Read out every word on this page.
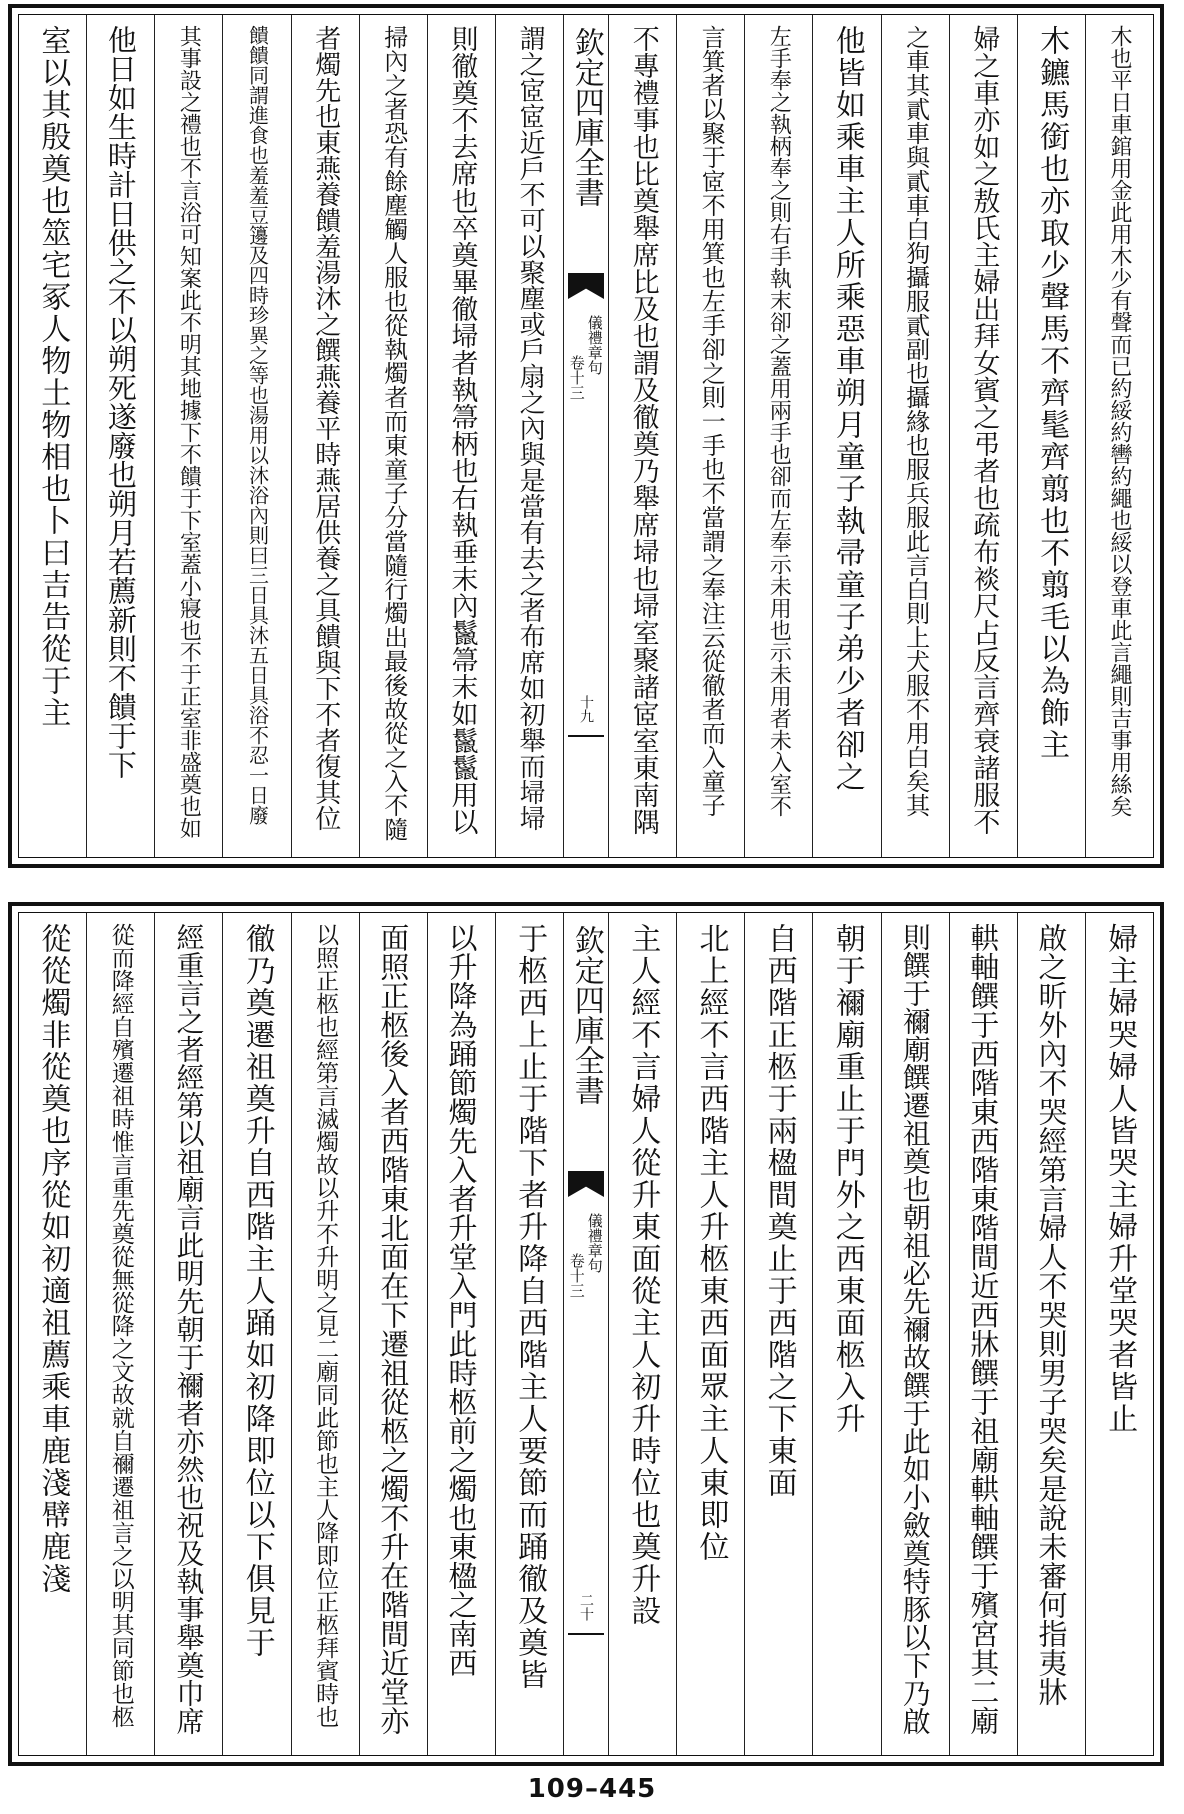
木也平日車錧用金此用木少有聲而已約綏約轡約繩也綏以登車此言繩則吉事用絲矣
木鑣馬銜也亦取少聲馬不齊髦齊翦也不翦毛以為飾主
婦之車亦如之敖氏主婦出拜女賓之弔者也疏布裧尺占反言齊衰諸服不
之車其貳車與貳車白狗攝服貳副也攝緣也服兵服此言白則上犬服不用白矣其
他皆如乘車主人所乘惡車朔月童子執帚童子弟少者卻之
左手奉之執柄奉之則右手執末卻之蓋用兩手也卻而左奉示未用也示未用者未入室不
言箕者以聚于宧不用箕也左手卻之則一手也不當謂之奉注云從徹者而入童子
不專禮事也比奠舉席比及也謂及徹奠乃舉席埽也埽室聚諸宧室東南隅
欽定四庫全書
儀禮章句
卷十三
十九
謂之宧宧近戶不可以聚塵或戶扇之內與是當有去之者布席如初舉而埽埽
則徹奠不去席也卒奠畢徹埽者執箒柄也右執垂末內鬣箒末如鬣鬣用以
掃內之者恐有餘塵觸人服也從執燭者而東童子分當隨行燭出最後故從之入不隨
者燭先也東燕養饋羞湯沐之饌燕養平時燕居供養之具饋與下不者復其位
饋饋同謂進食也羞羞豆籩及四時珍異之等也湯用以沐浴內則曰三日具沐五日具浴不忍一日廢
其事設之禮也不言浴可知案此不明其地據下不饋于下室蓋小寢也不于正室非盛奠也如
他日如生時計日供之不以朔死遂廢也朔月若薦新則不饋于下
室以其殷奠也筮宅冢人物土物相也卜曰吉告從于主
婦主婦哭婦人皆哭主婦升堂哭者皆止
啟之昕外內不哭經第言婦人不哭則男子哭矣是說未審何指夷牀
輁軸饌于西階東西階東階間近西牀饌于祖廟輁軸饌于殯宮其二廟
則饌于禰廟饌遷祖奠也朝祖必先禰故饌于此如小斂奠特豚以下乃啟
朝于禰廟重止于門外之西東面柩入升
自西階正柩于兩楹間奠止于西階之下東面
北上經不言西階主人升柩東西面眾主人東即位
主人經不言婦人從升東面從主人初升時位也奠升設
欽定四庫全書
儀禮章句
卷十三
二十
于柩西上止于階下者升降自西階主人要節而踊徹及奠皆
以升降為踊節燭先入者升堂入門此時柩前之燭也東楹之南西
面照正柩後入者西階東北面在下遷祖從柩之燭不升在階間近堂亦
以照正柩也經第言滅燭故以升不升明之見二廟同此節也主人降即位正柩拜賓時也
徹乃奠遷祖奠升自西階主人踊如初降即位以下俱見于
經重言之者經第以祖廟言此明先朝于禰者亦然也祝及執事舉奠巾席
從而降經自殯遷祖時惟言重先奠從無從降之文故就自禰遷祖言之以明其同節也柩
從從燭非從奠也序從如初適祖薦乘車鹿淺幦鹿淺
109–445
